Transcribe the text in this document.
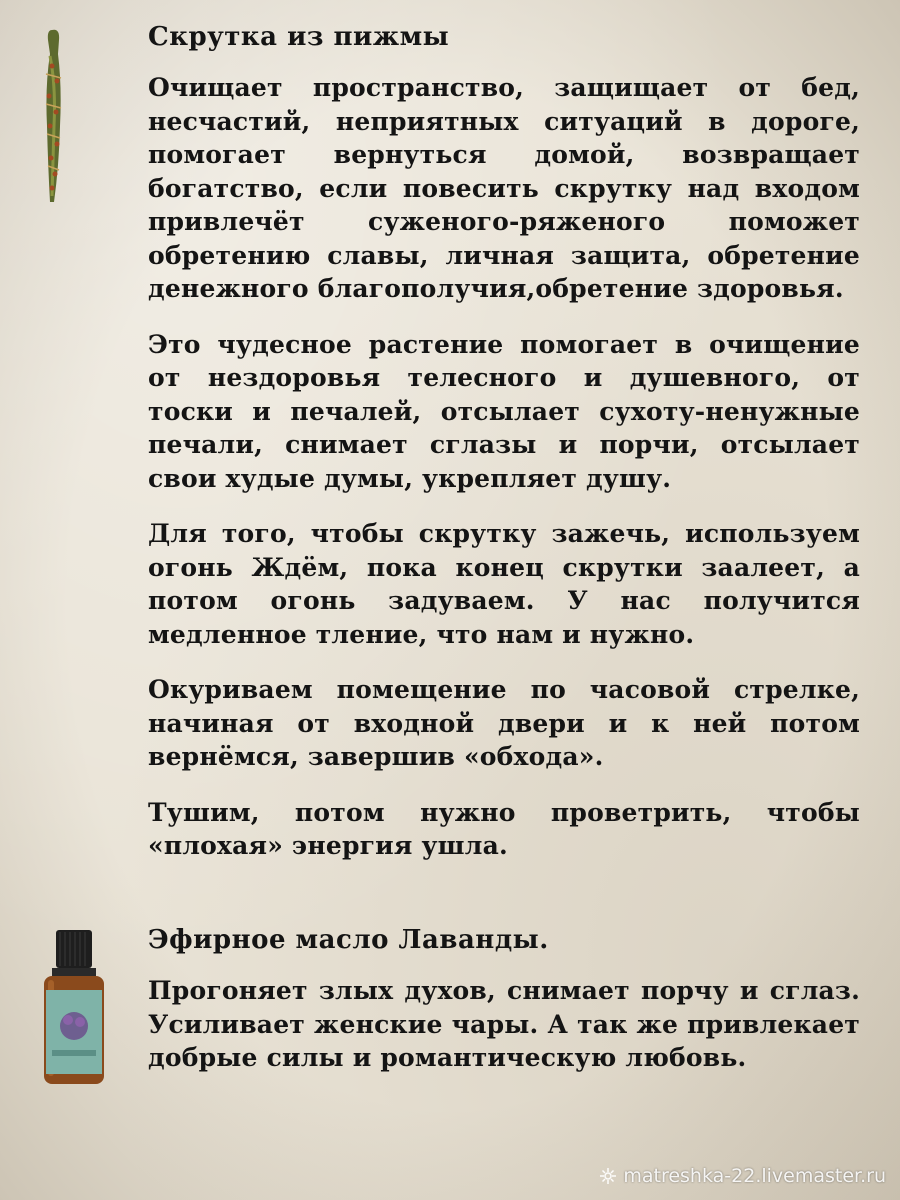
Скрутка из пижмы

Очищает пространство, защищает от бед, несчастий, неприятных ситуаций в дороге, помогает вернуться домой, возвращает богатство, если повесить скрутку над входом привлечёт суженого-ряженого поможет обретению славы, личная защита, обретение денежного благополучия,обретение здоровья.

Это чудесное растение помогает в очищение от нездоровья телесного и душевного, от тоски и печалей, отсылает сухоту-ненужные печали, снимает сглазы и порчи, отсылает свои худые думы, укрепляет душу.

Для того, чтобы скрутку зажечь, используем огонь Ждём, пока конец скрутки заалеет, а потом огонь задуваем. У нас получится медленное тление, что нам и нужно.

Окуриваем помещение по часовой стрелке, начиная от входной двери и к ней потом вернёмся, завершив «обхода».

Тушим, потом нужно проветрить, чтобы «плохая» энергия ушла.

Эфирное масло Лаванды.

Прогоняет злых духов, снимает порчу и сглаз. Усиливает женские чары. А так же привлекает добрые силы и романтическую любовь.

matreshka-22.livemaster.ru
